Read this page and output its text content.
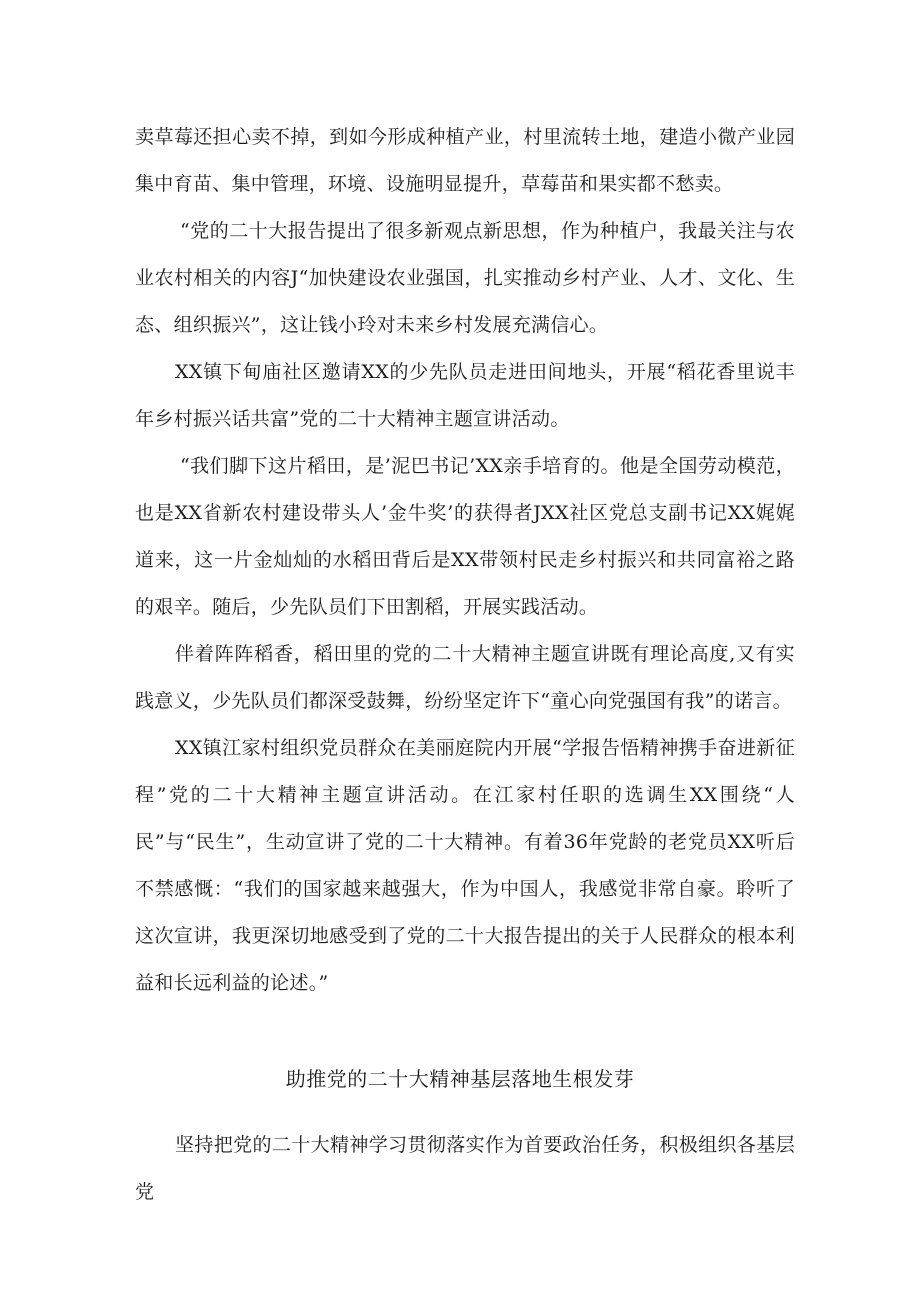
卖草莓还担心卖不掉，到如今形成种植产业，村里流转土地，建造小微产业园集中育苗、集中管理，环境、设施明显提升，草莓苗和果实都不愁卖。

“党的二十大报告提出了很多新观点新思想，作为种植户，我最关注与农业农村相关的内容J“加快建设农业强国，扎实推动乡村产业、人才、文化、生态、组织振兴”，这让钱小玲对未来乡村发展充满信心。

XX镇下甸庙社区邀请XX的少先队员走进田间地头，开展“稻花香里说丰年乡村振兴话共富”党的二十大精神主题宣讲活动。

“我们脚下这片稻田，是’泥巴书记’XX亲手培育的。他是全国劳动模范，也是XX省新农村建设带头人’金牛奖’的获得者JXX社区党总支副书记XX娓娓道来，这一片金灿灿的水稻田背后是XX带领村民走乡村振兴和共同富裕之路的艰辛。随后，少先队员们下田割稻，开展实践活动。

伴着阵阵稻香，稻田里的党的二十大精神主题宣讲既有理论高度,又有实践意义，少先队员们都深受鼓舞，纷纷坚定许下“童心向党强国有我”的诺言。

XX镇江家村组织党员群众在美丽庭院内开展“学报告悟精神携手奋进新征程”党的二十大精神主题宣讲活动。在江家村任职的选调生XX围绕“人民”与“民生”，生动宣讲了党的二十大精神。有着36年党龄的老党员XX听后不禁感慨：“我们的国家越来越强大，作为中国人，我感觉非常自豪。聆听了这次宣讲，我更深切地感受到了党的二十大报告提出的关于人民群众的根本利益和长远利益的论述。”

助推党的二十大精神基层落地生根发芽

坚持把党的二十大精神学习贯彻落实作为首要政治任务，积极组织各基层党
